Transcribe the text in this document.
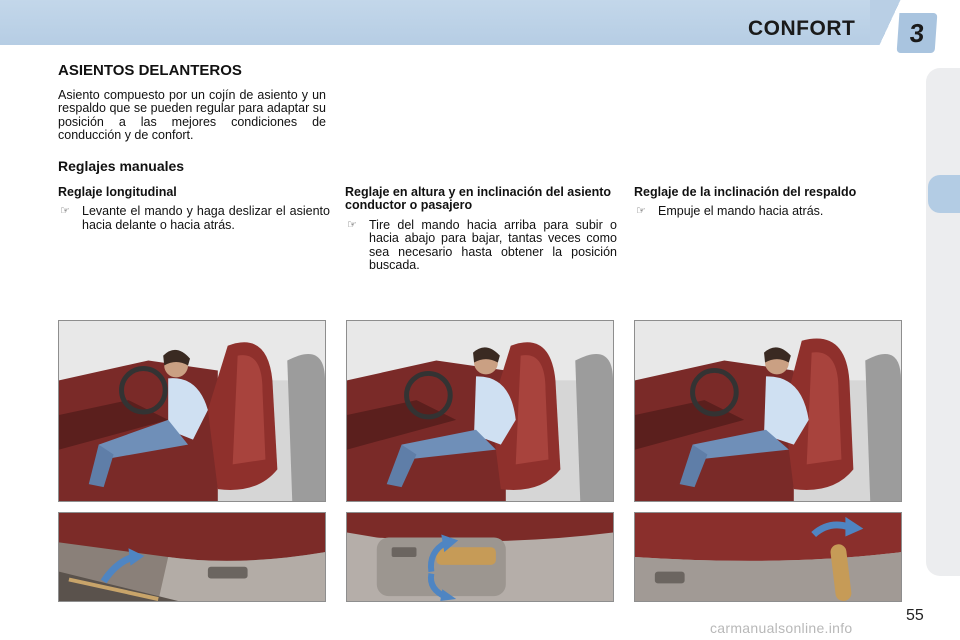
CONFORT	3
ASIENTOS DELANTEROS
Asiento compuesto por un cojín de asiento y un respaldo que se pueden regular para adaptar su posición a las mejores condiciones de conducción y de confort.
Reglajes manuales
Reglaje longitudinal
☞ Levante el mando y haga deslizar el asiento hacia delante o hacia atrás.
Reglaje en altura y en inclinación del asiento conductor o pasajero
☞ Tire del mando hacia arriba para subir o hacia abajo para bajar, tantas veces como sea necesario hasta obtener la posición buscada.
Reglaje de la inclinación del respaldo
☞ Empuje el mando hacia atrás.
55
carmanualsonline.info
